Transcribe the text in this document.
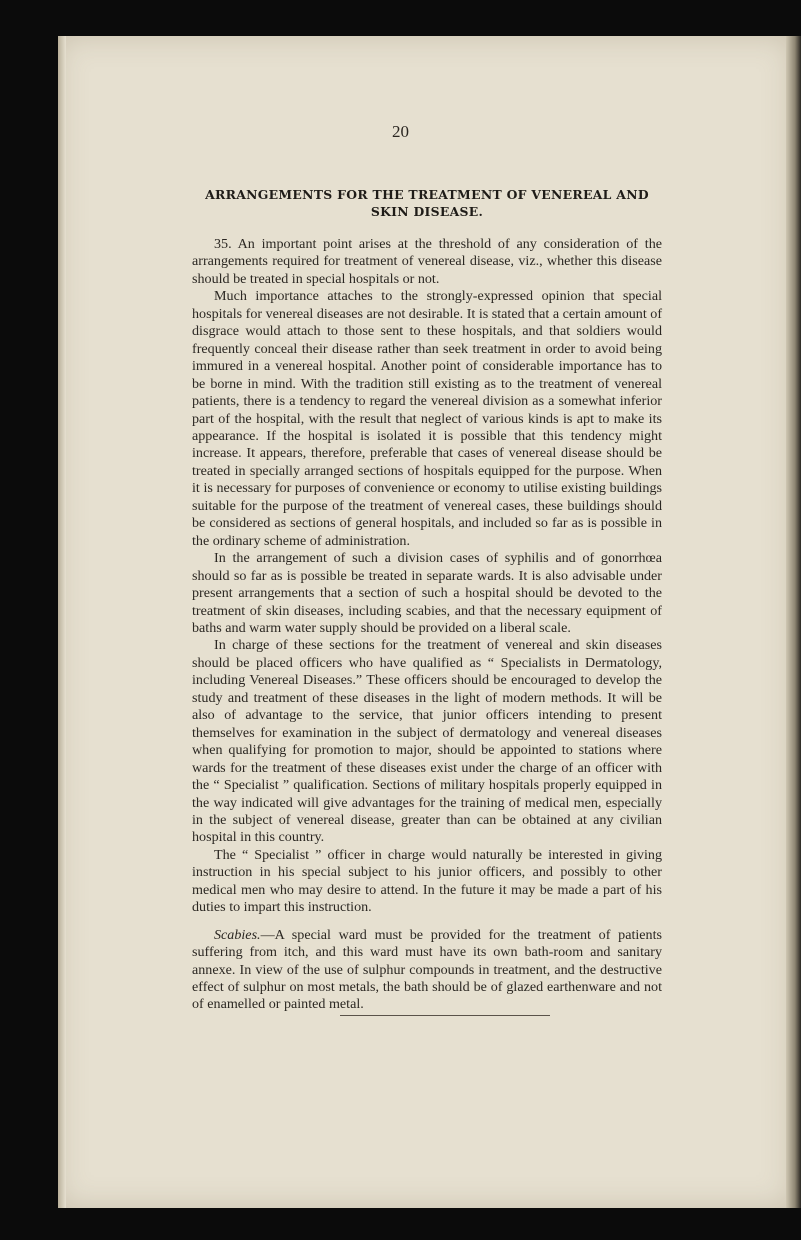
20
ARRANGEMENTS FOR THE TREATMENT OF VENEREAL AND SKIN DISEASE.

35. An important point arises at the threshold of any consideration of the arrangements required for treatment of venereal disease, viz., whether this disease should be treated in special hospitals or not.

Much importance attaches to the strongly-expressed opinion that special hospitals for venereal diseases are not desirable. It is stated that a certain amount of disgrace would attach to those sent to these hospitals, and that soldiers would frequently conceal their disease rather than seek treatment in order to avoid being immured in a venereal hospital. Another point of considerable importance has to be borne in mind. With the tradition still existing as to the treatment of venereal patients, there is a tendency to regard the venereal division as a somewhat inferior part of the hospital, with the result that neglect of various kinds is apt to make its appearance. If the hospital is isolated it is possible that this tendency might increase. It appears, therefore, preferable that cases of venereal disease should be treated in specially arranged sections of hospitals equipped for the purpose. When it is necessary for purposes of convenience or economy to utilise existing buildings suitable for the purpose of the treatment of venereal cases, these buildings should be considered as sections of general hospitals, and included so far as is possible in the ordinary scheme of administration.

In the arrangement of such a division cases of syphilis and of gonorrhœa should so far as is possible be treated in separate wards. It is also advisable under present arrangements that a section of such a hospital should be devoted to the treatment of skin diseases, including scabies, and that the necessary equipment of baths and warm water supply should be provided on a liberal scale.

In charge of these sections for the treatment of venereal and skin diseases should be placed officers who have qualified as “ Specialists in Dermatology, including Venereal Diseases.” These officers should be encouraged to develop the study and treatment of these diseases in the light of modern methods. It will be also of advantage to the service, that junior officers intending to present themselves for examination in the subject of dermatology and venereal diseases when qualifying for promotion to major, should be appointed to stations where wards for the treatment of these diseases exist under the charge of an officer with the “ Specialist ” qualification. Sections of military hospitals properly equipped in the way indicated will give advantages for the training of medical men, especially in the subject of venereal disease, greater than can be obtained at any civilian hospital in this country.

The “ Specialist ” officer in charge would naturally be interested in giving instruction in his special subject to his junior officers, and possibly to other medical men who may desire to attend. In the future it may be made a part of his duties to impart this instruction.

Scabies.—A special ward must be provided for the treatment of patients suffering from itch, and this ward must have its own bath-room and sanitary annexe. In view of the use of sulphur compounds in treatment, and the destructive effect of sulphur on most metals, the bath should be of glazed earthenware and not of enamelled or painted metal.
